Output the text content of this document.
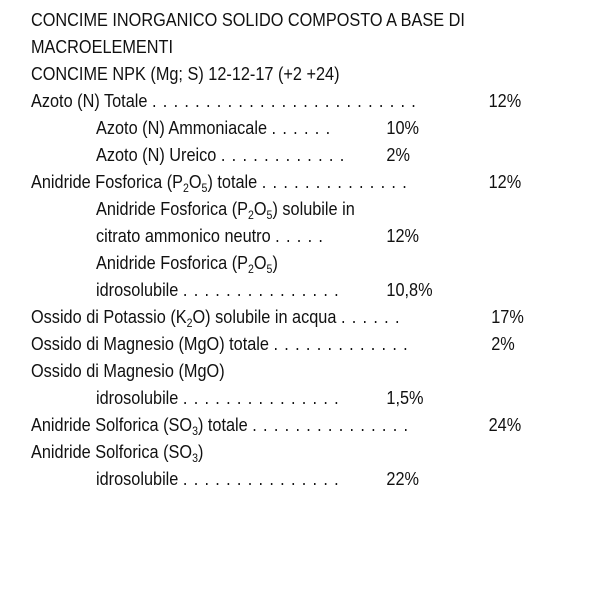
CONCIME INORGANICO SOLIDO COMPOSTO A BASE DI
MACROELEMENTI
CONCIME NPK (Mg; S) 12-12-17 (+2 +24)
Azoto (N) Totale . . . . . . . . . . . . . . . . . . . . . . . . .	12%
Azoto (N) Ammoniacale . . . . . .	10%
Azoto (N) Ureico . . . . . . . . . . . . 2%
Anidride Fosforica $(P_2O_5)$ totale . . . . . . . . . . . . . .	12%
Anidride Fosforica $(P_2O_5)$ solubile in
citrato ammonico neutro . . . . .	12%
Anidride Fosforica $(P_2O_5)$
idrosolubile . . . . . . . . . . . . . . .	10,8%
Ossido di Potassio $(K_2O)$ solubile in acqua . . . . . .	17%
Ossido di Magnesio (MgO) totale . . . . . . . . . . . . .	2%
Ossido di Magnesio (MgO)
idrosolubile . . . . . . . . . . . . . . .	1,5%
Anidride Solforica $(SO_3)$ totale . . . . . . . . . . . . . . .	24%
Anidride Solforica $(SO_3)$
idrosolubile . . . . . . . . . . . . . . .	22%
